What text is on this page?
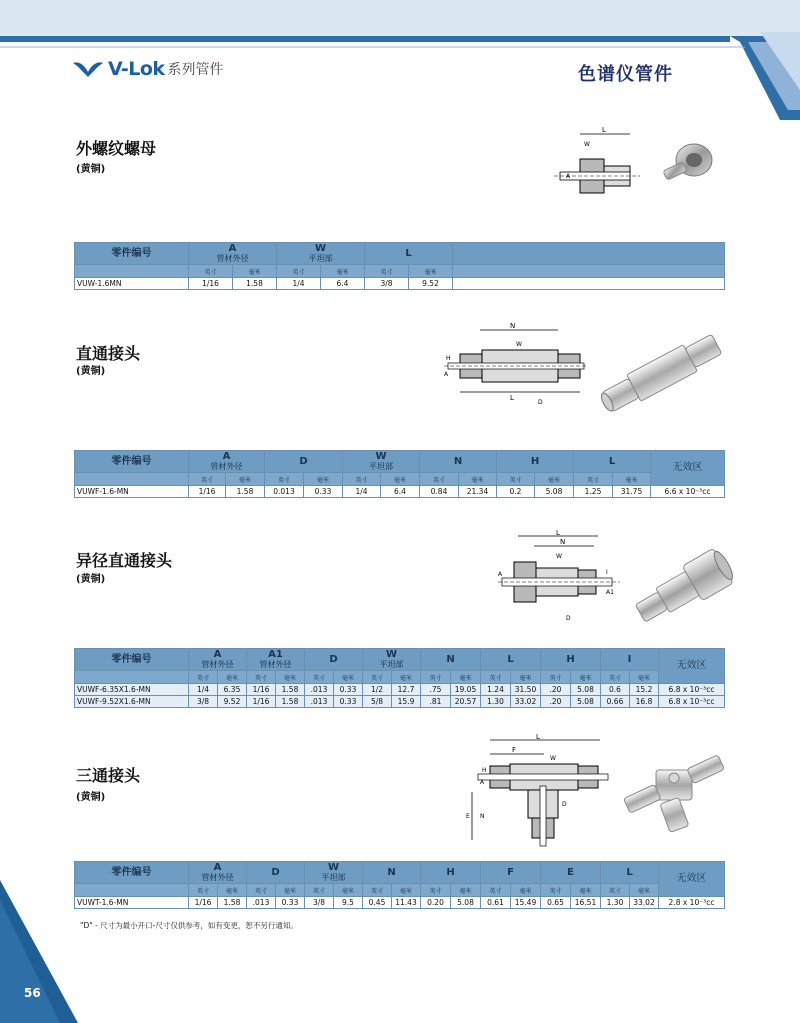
V-Lok 系列管件	色谱仪管件
外螺纹螺母
(黄铜)
L
W
A
零件编号	A
管材外径		W
平坦部		L		
	英寸	毫米	英寸	毫米	英寸	毫米	
VUW-1.6MN	1/16	1.58	1/4	6.4	3/8	9.52	
直通接头
(黄铜)
N
W
H
A
L
D
零件编号	A
管材外径		D		W
平坦部		N		H		L		无效区
	英寸	毫米	英寸	毫米	英寸	毫米	英寸	毫米	英寸	毫米	英寸	毫米	
VUWF-1.6-MN	1/16	1.58	0.013	0.33	1/4	6.4	0.84	21.34	0.2	5.08	1.25	31.75	6.6 x 10⁻³cc
异径直通接头
(黄铜)
L
N
W
I
A1
A
D
零件编号	A
管材外径		A1
管材外径		D		W
平坦部		N		L		H		I		无效区
	英寸	毫米	英寸	毫米	英寸	毫米	英寸	毫米	英寸	毫米	英寸	毫米	英寸	毫米	英寸	毫米	
VUWF-6.35X1.6-MN	1/4	6.35	1/16	1.58	.013	0.33	1/2	12.7	.75	19.05	1.24	31.50	.20	5.08	0.6	15.2	6.8 x 10⁻³cc
VUWF-9.52X1.6-MN	3/8	9.52	1/16	1.58	.013	0.33	5/8	15.9	.81	20.57	1.30	33.02	.20	5.08	0.66	16.8	6.8 x 10⁻³cc
三通接头
(黄铜)
L
F
W
H
A
E N
D
零件编号	A
管材外径		D		W
平坦部		N		H		F		E		L		无效区
	英寸	毫米	英寸	毫米	英寸	毫米	英寸	毫米	英寸	毫米	英寸	毫米	英寸	毫米	英寸	毫米	
VUWT-1.6-MN	1/16	1.58	.013	0.33	3/8	9.5	0.45	11.43	0.20	5.08	0.61	15.49	0.65	16.51	1.30	33.02	2.8 x 10⁻³cc
"D" - 尺寸为最小开口-尺寸仅供参考，如有变更，恕不另行通知。
56
